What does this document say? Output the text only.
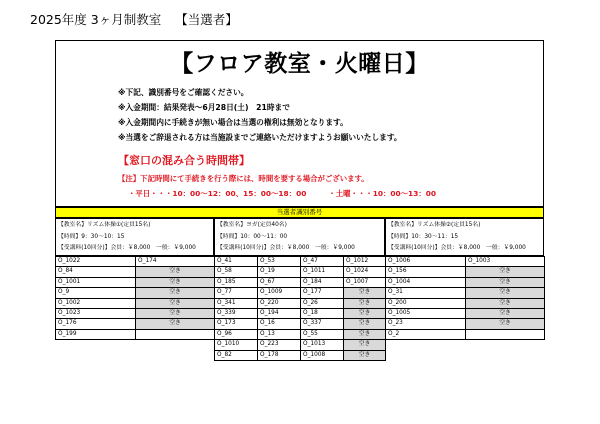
2025年度 3ヶ月制教室 【当選者】
【フロア教室・火曜日】
※下記、識別番号をご確認ください。
※入金期間：結果発表～6月28日(土)　21時まで
※入金期間内に手続きが無い場合は当選の権利は無効となります。
※当選をご辞退される方は当施設までご連絡いただけますようお願いいたします。
【窓口の混み合う時間帯】
【注】下記時間にて手続きを行う際には、時間を要する場合がございます。
・平日・・・10：00～12：00、15：00～18：00	・土曜・・・10：00～13：00
当選者識別番号
【教室名】リズム体操①(定員15名)
【時間】9：30～10：15
【受講料(10回分)】会員：￥8,000　一般：￥9,000
O_1022	O_174
O_84	空き
O_1001	空き
O_9	空き
O_1002	空き
O_1023	空き
O_176	空き
O_199	
【教室名】ヨガ(定員40名)
【時間】10：00～11：00
【受講料(10回分)】会員：￥8,000　一般：￥9,000
O_41	O_53	O_47	O_1012
O_58	O_19	O_1011	O_1024
O_185	O_67	O_184	O_1007
O_77	O_1009	O_177	空き
O_341	O_220	O_26	空き
O_339	O_194	O_18	空き
O_173	O_16	O_337	空き
O_96	O_13	O_55	空き
O_1010	O_223	O_1013	空き
O_82	O_178	O_1008	空き
【教室名】リズム体操②(定員15名)
【時間】10：30～11：15
【受講料(10回分)】会員：￥8,000　一般：￥9,000
O_1006	O_1003
O_156	空き
O_1004	空き
O_31	空き
O_200	空き
O_1005	空き
O_23	空き
O_2	
